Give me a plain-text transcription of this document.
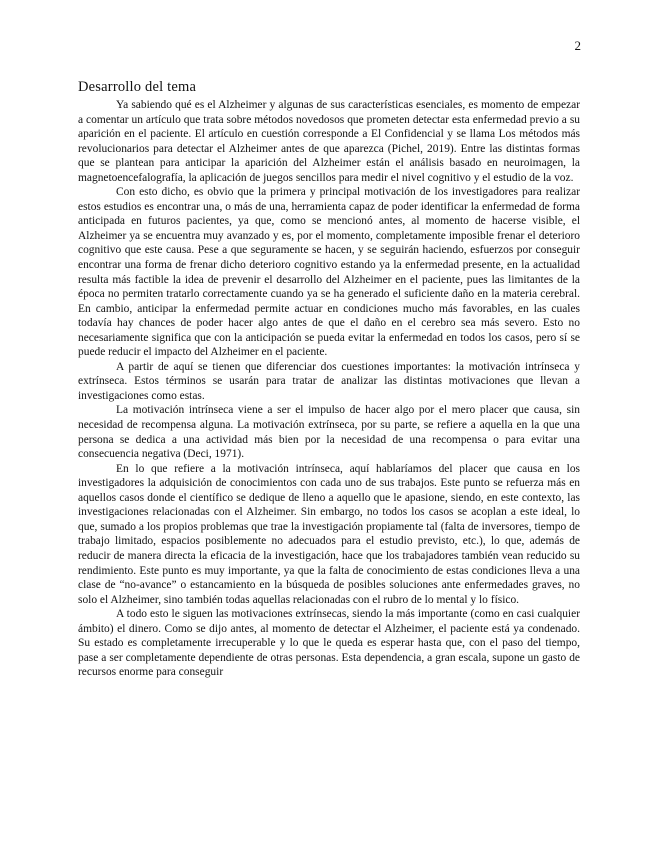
2
Desarrollo del tema

Ya sabiendo qué es el Alzheimer y algunas de sus características esenciales, es momento de empezar a comentar un artículo que trata sobre métodos novedosos que prometen detectar esta enfermedad previo a su aparición en el paciente. El artículo en cuestión corresponde a El Confidencial y se llama Los métodos más revolucionarios para detectar el Alzheimer antes de que aparezca (Pichel, 2019). Entre las distintas formas que se plantean para anticipar la aparición del Alzheimer están el análisis basado en neuroimagen, la magnetoencefalografía, la aplicación de juegos sencillos para medir el nivel cognitivo y el estudio de la voz.

Con esto dicho, es obvio que la primera y principal motivación de los investigadores para realizar estos estudios es encontrar una, o más de una, herramienta capaz de poder identificar la enfermedad de forma anticipada en futuros pacientes, ya que, como se mencionó antes, al momento de hacerse visible, el Alzheimer ya se encuentra muy avanzado y es, por el momento, completamente imposible frenar el deterioro cognitivo que este causa. Pese a que seguramente se hacen, y se seguirán haciendo, esfuerzos por conseguir encontrar una forma de frenar dicho deterioro cognitivo estando ya la enfermedad presente, en la actualidad resulta más factible la idea de prevenir el desarrollo del Alzheimer en el paciente, pues las limitantes de la época no permiten tratarlo correctamente cuando ya se ha generado el suficiente daño en la materia cerebral. En cambio, anticipar la enfermedad permite actuar en condiciones mucho más favorables, en las cuales todavía hay chances de poder hacer algo antes de que el daño en el cerebro sea más severo. Esto no necesariamente significa que con la anticipación se pueda evitar la enfermedad en todos los casos, pero sí se puede reducir el impacto del Alzheimer en el paciente.

A partir de aquí se tienen que diferenciar dos cuestiones importantes: la motivación intrínseca y extrínseca. Estos términos se usarán para tratar de analizar las distintas motivaciones que llevan a investigaciones como estas.

La motivación intrínseca viene a ser el impulso de hacer algo por el mero placer que causa, sin necesidad de recompensa alguna. La motivación extrínseca, por su parte, se refiere a aquella en la que una persona se dedica a una actividad más bien por la necesidad de una recompensa o para evitar una consecuencia negativa (Deci, 1971).

En lo que refiere a la motivación intrínseca, aquí hablaríamos del placer que causa en los investigadores la adquisición de conocimientos con cada uno de sus trabajos. Este punto se refuerza más en aquellos casos donde el científico se dedique de lleno a aquello que le apasione, siendo, en este contexto, las investigaciones relacionadas con el Alzheimer. Sin embargo, no todos los casos se acoplan a este ideal, lo que, sumado a los propios problemas que trae la investigación propiamente tal (falta de inversores, tiempo de trabajo limitado, espacios posiblemente no adecuados para el estudio previsto, etc.), lo que, además de reducir de manera directa la eficacia de la investigación, hace que los trabajadores también vean reducido su rendimiento. Este punto es muy importante, ya que la falta de conocimiento de estas condiciones lleva a una clase de “no-avance” o estancamiento en la búsqueda de posibles soluciones ante enfermedades graves, no solo el Alzheimer, sino también todas aquellas relacionadas con el rubro de lo mental y lo físico.

A todo esto le siguen las motivaciones extrínsecas, siendo la más importante (como en casi cualquier ámbito) el dinero. Como se dijo antes, al momento de detectar el Alzheimer, el paciente está ya condenado. Su estado es completamente irrecuperable y lo que le queda es esperar hasta que, con el paso del tiempo, pase a ser completamente dependiente de otras personas. Esta dependencia, a gran escala, supone un gasto de recursos enorme para conseguir
